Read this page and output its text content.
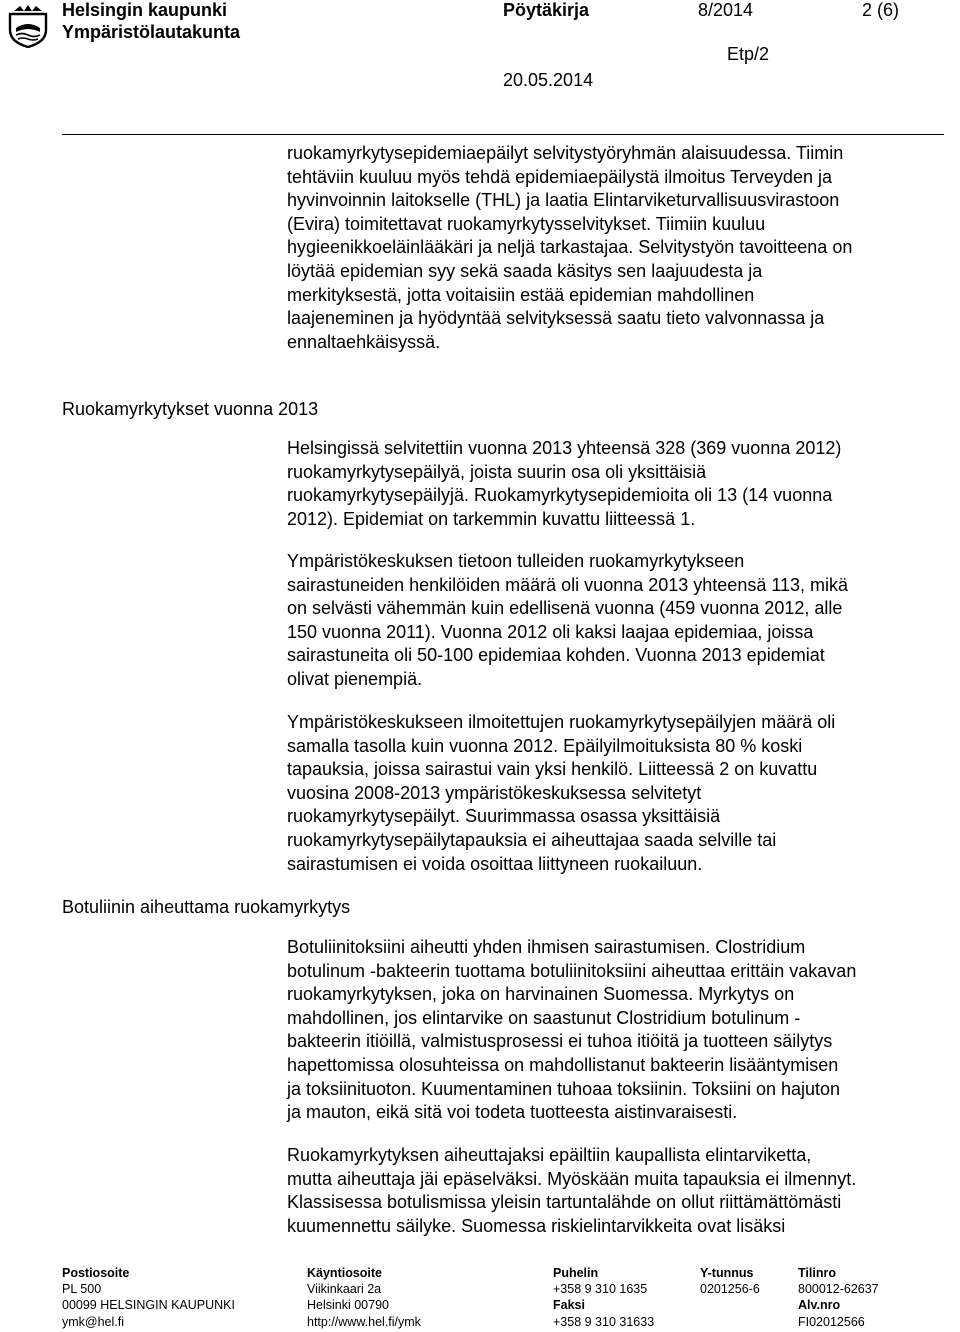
Helsingin kaupunki
Ympäristölautakunta
Pöytäkirja	8/2014	2 (6)
Etp/2
20.05.2014
Ruokamyrkytykset vuonna 2013
Botuliinin aiheuttama ruokamyrkytys
ruokamyrkytysepidemiaepäilyt selvitystyöryhmän alaisuudessa. Tiimin
tehtäviin kuuluu myös tehdä epidemiaepäilystä ilmoitus Terveyden ja
hyvinvoinnin laitokselle (THL) ja laatia Elintarviketurvallisuusvirastoon
(Evira) toimitettavat ruokamyrkytysselvitykset. Tiimiin kuuluu
hygieenikkoeläinlääkäri ja neljä tarkastajaa. Selvitystyön tavoitteena on
löytää epidemian syy sekä saada käsitys sen laajuudesta ja
merkityksestä, jotta voitaisiin estää epidemian mahdollinen
laajeneminen ja hyödyntää selvityksessä saatu tieto valvonnassa ja
ennaltaehkäisyssä.
Helsingissä selvitettiin vuonna 2013 yhteensä 328 (369 vuonna 2012)
ruokamyrkytysepäilyä, joista suurin osa oli yksittäisiä
ruokamyrkytysepäilyjä. Ruokamyrkytysepidemioita oli 13 (14 vuonna
2012). Epidemiat on tarkemmin kuvattu liitteessä 1.
Ympäristökeskuksen tietoon tulleiden ruokamyrkytykseen
sairastuneiden henkilöiden määrä oli vuonna 2013 yhteensä 113, mikä
on selvästi vähemmän kuin edellisenä vuonna (459 vuonna 2012, alle
150 vuonna 2011). Vuonna 2012 oli kaksi laajaa epidemiaa, joissa
sairastuneita oli 50-100 epidemiaa kohden. Vuonna 2013 epidemiat
olivat pienempiä.
Ympäristökeskukseen ilmoitettujen ruokamyrkytysepäilyjen määrä oli
samalla tasolla kuin vuonna 2012. Epäilyilmoituksista 80 % koski
tapauksia, joissa sairastui vain yksi henkilö. Liitteessä 2 on kuvattu
vuosina 2008-2013 ympäristökeskuksessa selvitetyt
ruokamyrkytysepäilyt. Suurimmassa osassa yksittäisiä
ruokamyrkytysepäilytapauksia ei aiheuttajaa saada selville tai
sairastumisen ei voida osoittaa liittyneen ruokailuun.
Botuliinitoksiini aiheutti yhden ihmisen sairastumisen. Clostridium
botulinum -bakteerin tuottama botuliinitoksiini aiheuttaa erittäin vakavan
ruokamyrkytyksen, joka on harvinainen Suomessa. Myrkytys on
mahdollinen, jos elintarvike on saastunut Clostridium botulinum -
bakteerin itiöillä, valmistusprosessi ei tuhoa itiöitä ja tuotteen säilytys
hapettomissa olosuhteissa on mahdollistanut bakteerin lisääntymisen
ja toksiinituoton. Kuumentaminen tuhoaa toksiinin. Toksiini on hajuton
ja mauton, eikä sitä voi todeta tuotteesta aistinvaraisesti.
Ruokamyrkytyksen aiheuttajaksi epäiltiin kaupallista elintarviketta,
mutta aiheuttaja jäi epäselväksi. Myöskään muita tapauksia ei ilmennyt.
Klassisessa botulismissa yleisin tartuntalähde on ollut riittämättömästi
kuumennettu säilyke. Suomessa riskielintarvikkeita ovat lisäksi
Postiosoite
PL 500
00099 HELSINGIN KAUPUNKI
ymk@hel.fi
Käyntiosoite
Viikinkaari 2a
Helsinki 00790
http://www.hel.fi/ymk
Puhelin
+358 9 310 1635
Faksi
+358 9 310 31633
Y-tunnus
0201256-6
Tilinro
800012-62637
Alv.nro
FI02012566
